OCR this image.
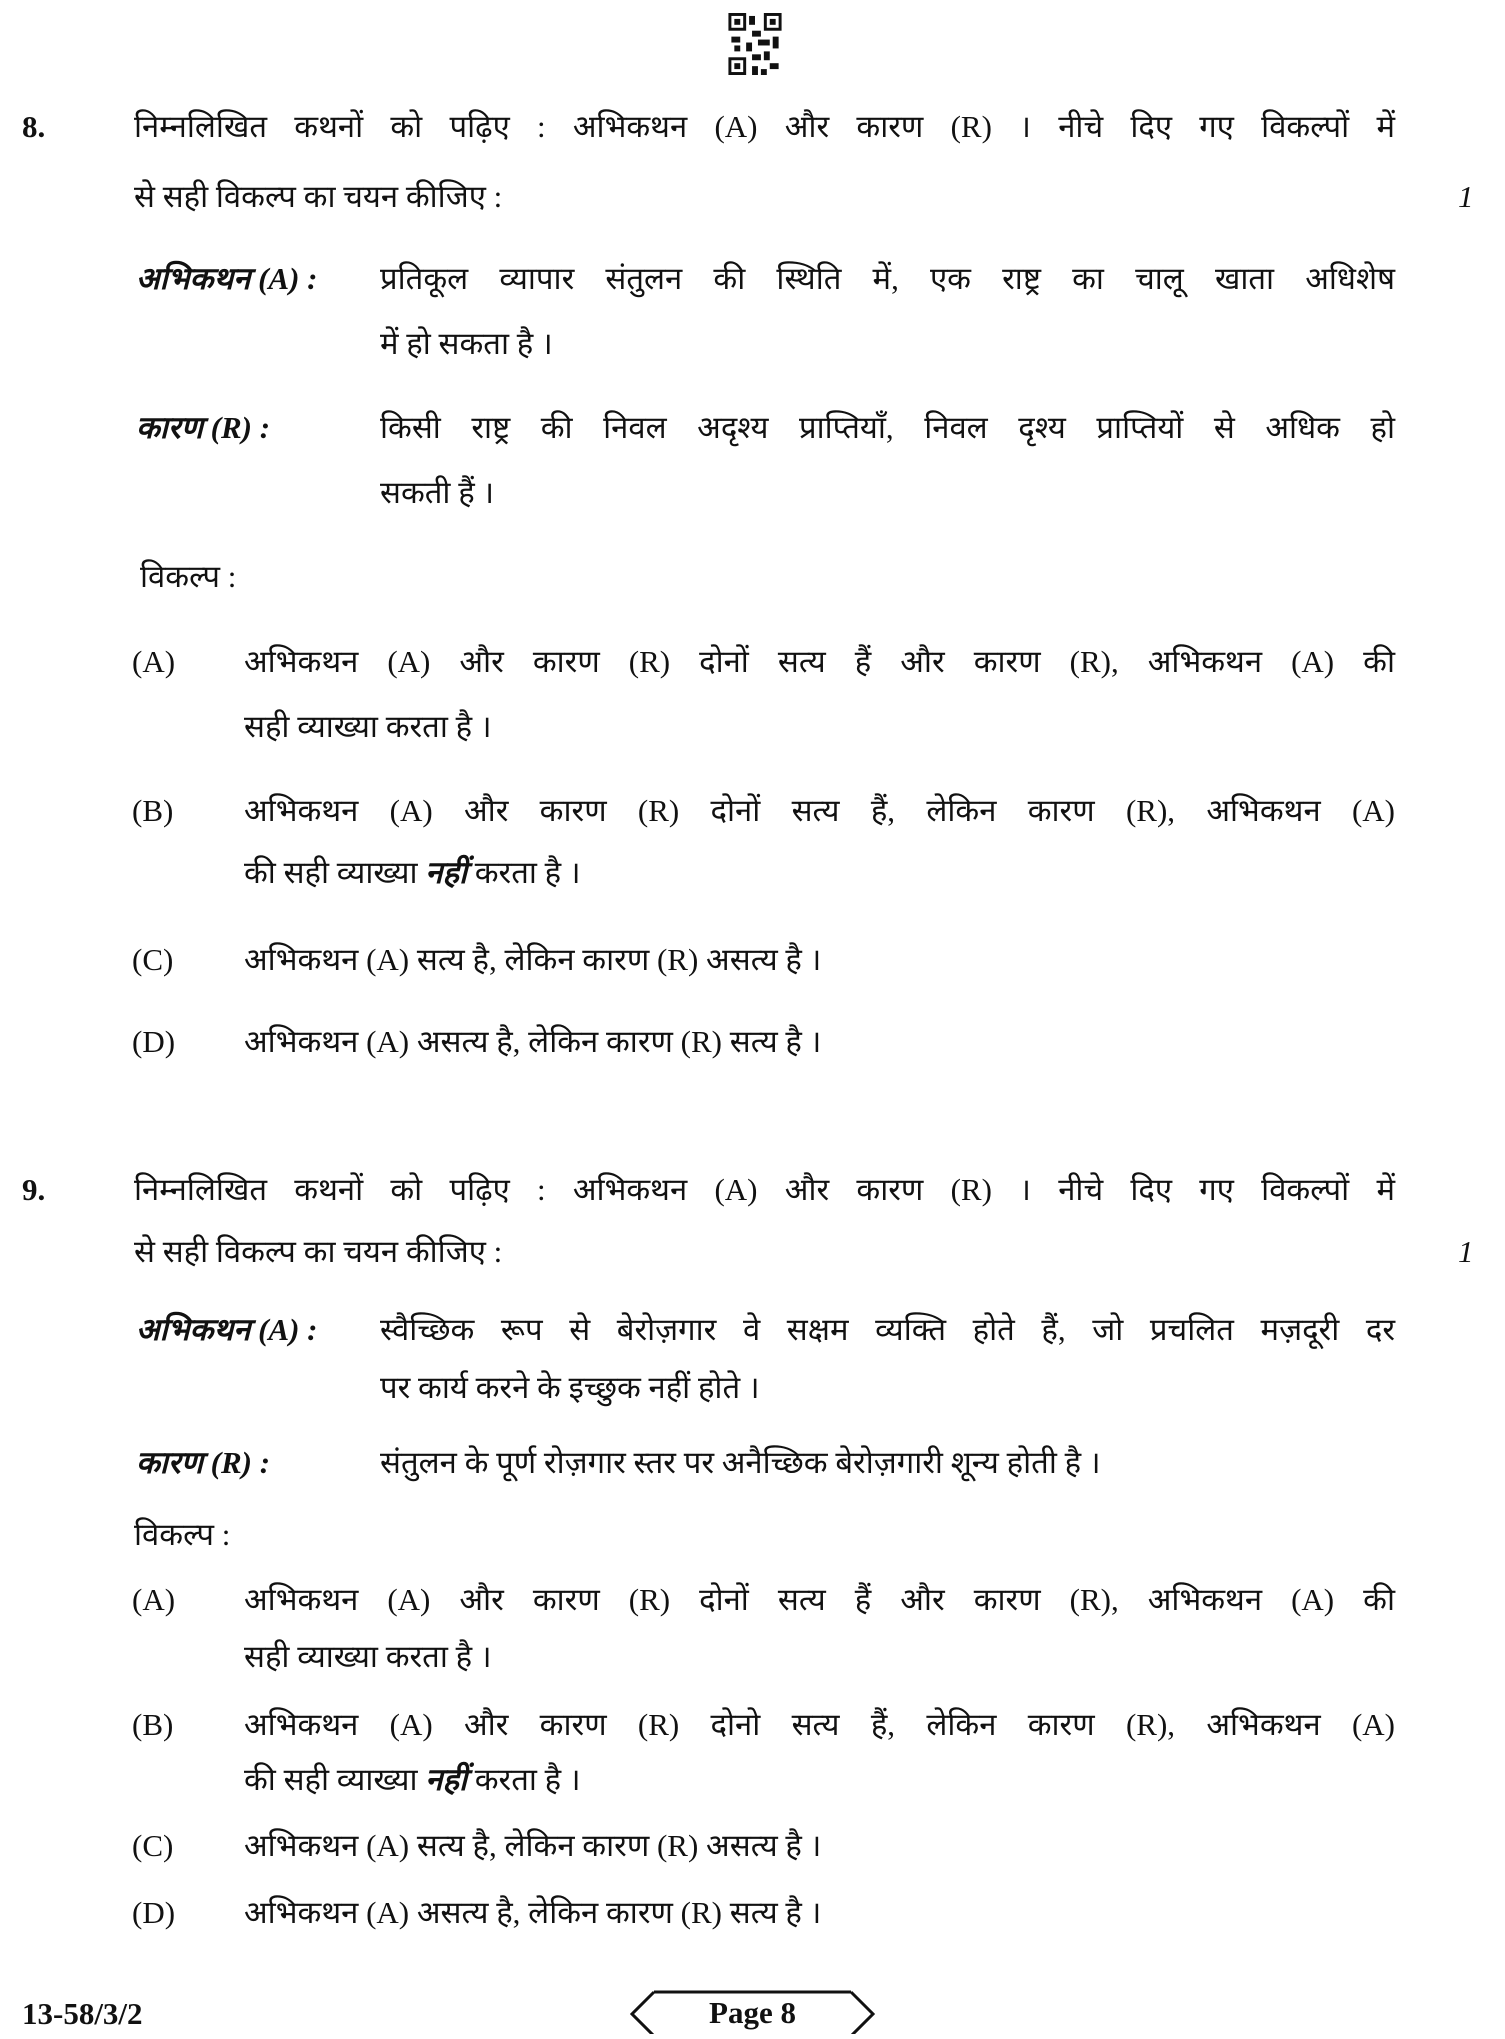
8.	निम्नलिखित कथनों को पढ़िए : अभिकथन (A) और कारण (R) । नीचे दिए गए विकल्पों में
से सही विकल्प का चयन कीजिए :	1
अभिकथन (A) : प्रतिकूल व्यापार संतुलन की स्थिति में, एक राष्ट्र का चालू खाता अधिशेष
में हो सकता है ।
कारण (R) :	किसी राष्ट्र की निवल अदृश्य प्राप्तियाँ, निवल दृश्य प्राप्तियों से अधिक हो
सकती हैं ।
विकल्प :
(A) अभिकथन (A) और कारण (R) दोनों सत्य हैं और कारण (R), अभिकथन (A) की
सही व्याख्या करता है ।
(B) अभिकथन (A) और कारण (R) दोनों सत्य हैं, लेकिन कारण (R), अभिकथन (A)
की सही व्याख्या नहीं करता है ।
(C) अभिकथन (A) सत्य है, लेकिन कारण (R) असत्य है ।
(D) अभिकथन (A) असत्य है, लेकिन कारण (R) सत्य है ।
9.	निम्नलिखित कथनों को पढ़िए : अभिकथन (A) और कारण (R) । नीचे दिए गए विकल्पों में
से सही विकल्प का चयन कीजिए :	1
अभिकथन (A) : स्वैच्छिक रूप से बेरोज़गार वे सक्षम व्यक्ति होते हैं, जो प्रचलित मज़दूरी दर
पर कार्य करने के इच्छुक नहीं होते ।
कारण (R) :	संतुलन के पूर्ण रोज़गार स्तर पर अनैच्छिक बेरोज़गारी शून्य होती है ।
विकल्प :
(A) अभिकथन (A) और कारण (R) दोनों सत्य हैं और कारण (R), अभिकथन (A) की
सही व्याख्या करता है ।
(B) अभिकथन (A) और कारण (R) दोनो सत्य हैं, लेकिन कारण (R), अभिकथन (A)
की सही व्याख्या नहीं करता है ।
(C) अभिकथन (A) सत्य है, लेकिन कारण (R) असत्य है ।
(D) अभिकथन (A) असत्य है, लेकिन कारण (R) सत्य है ।
13-58/3/2	Page 8
